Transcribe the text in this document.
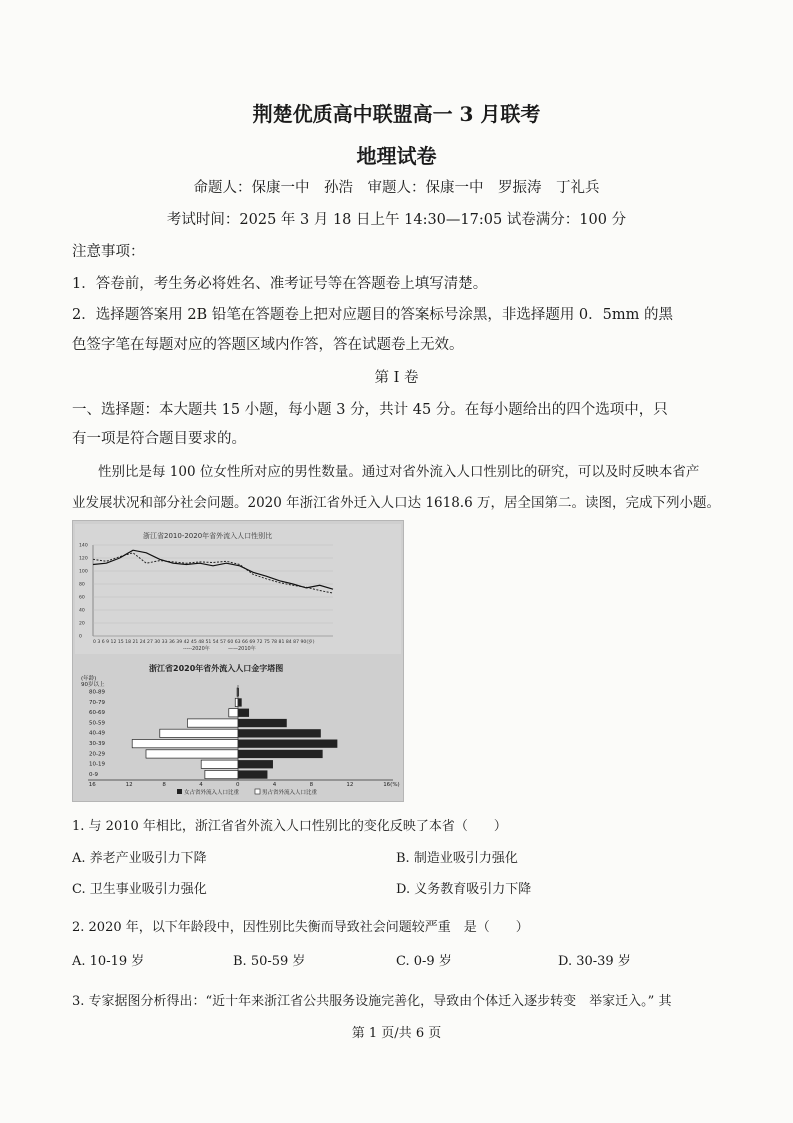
荆楚优质高中联盟高一 3 月联考
地理试卷
命题人：保康一中　孙浩　审题人：保康一中　罗振涛　丁礼兵
考试时间：2025 年 3 月 18 日上午 14:30—17:05 试卷满分：100 分
注意事项：
1．答卷前，考生务必将姓名、准考证号等在答题卷上填写清楚。
2．选择题答案用 2B 铅笔在答题卷上把对应题目的答案标号涂黑，非选择题用 0．5mm 的黑
色签字笔在每题对应的答题区域内作答，答在试题卷上无效。
第 I 卷
一、选择题：本大题共 15 小题，每小题 3 分，共计 45 分。在每小题给出的四个选项中，只
有一项是符合题目要求的。
性别比是每 100 位女性所对应的男性数量。通过对省外流入人口性别比的研究，可以及时反映本省产
业发展状况和部分社会问题。2020 年浙江省外迁入人口达 1618.6 万，居全国第二。读图，完成下列小题。
浙江省2010-2020年省外流入人口性别比
140
120
100
80
60
40
20
0
0 3 6 9 12 15 18 21 24 27 30 33 36 39 42 45 48 51 54 57 60 63 66 69 72 75 78 81 84 87 90(岁)
-----2020年	——2010年
浙江省2020年省外流入人口金字塔图
(年龄)
90岁以上
80-89
70-79
60-69
50-59
40-49
30-39
20-29
10-19
0-9
16	12	8	4	0	4	8	12	16(%)
女占省外流入人口比重	男占省外流入人口比重
1. 与 2010 年相比，浙江省省外流入人口性别比的变化反映了本省（　　）
A. 养老产业吸引力下降	B. 制造业吸引力强化
C. 卫生事业吸引力强化	D. 义务教育吸引力下降
2. 2020 年，以下年龄段中，因性别比失衡而导致社会问题较严重　是（　　）
A. 10-19 岁	B. 50-59 岁	C. 0-9 岁	D. 30-39 岁
3. 专家据图分析得出：“近十年来浙江省公共服务设施完善化，导致由个体迁入逐步转变　举家迁入。” 其
第 1 页/共 6 页
